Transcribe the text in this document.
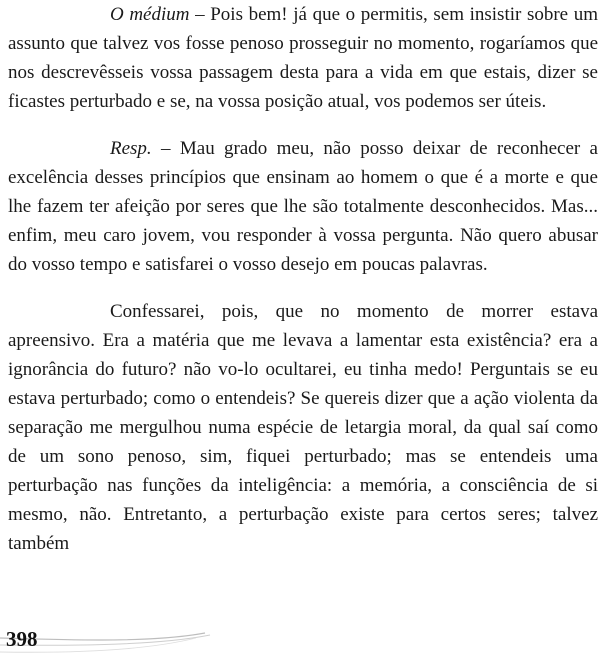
O médium – Pois bem! já que o permitis, sem insistir sobre um assunto que talvez vos fosse penoso prosseguir no momento, rogaríamos que nos descrevêsseis vossa passagem desta para a vida em que estais, dizer se ficastes perturbado e se, na vossa posição atual, vos podemos ser úteis.

Resp. – Mau grado meu, não posso deixar de reconhecer a excelência desses princípios que ensinam ao homem o que é a morte e que lhe fazem ter afeição por seres que lhe são totalmente desconhecidos. Mas... enfim, meu caro jovem, vou responder à vossa pergunta. Não quero abusar do vosso tempo e satisfarei o vosso desejo em poucas palavras.

Confessarei, pois, que no momento de morrer estava apreensivo. Era a matéria que me levava a lamentar esta existência? era a ignorância do futuro? não vo-lo ocultarei, eu tinha medo! Perguntais se eu estava perturbado; como o entendeis? Se quereis dizer que a ação violenta da separação me mergulhou numa espécie de letargia moral, da qual saí como de um sono penoso, sim, fiquei perturbado; mas se entendeis uma perturbação nas funções da inteligência: a memória, a consciência de si mesmo, não. Entretanto, a perturbação existe para certos seres; talvez também

398
